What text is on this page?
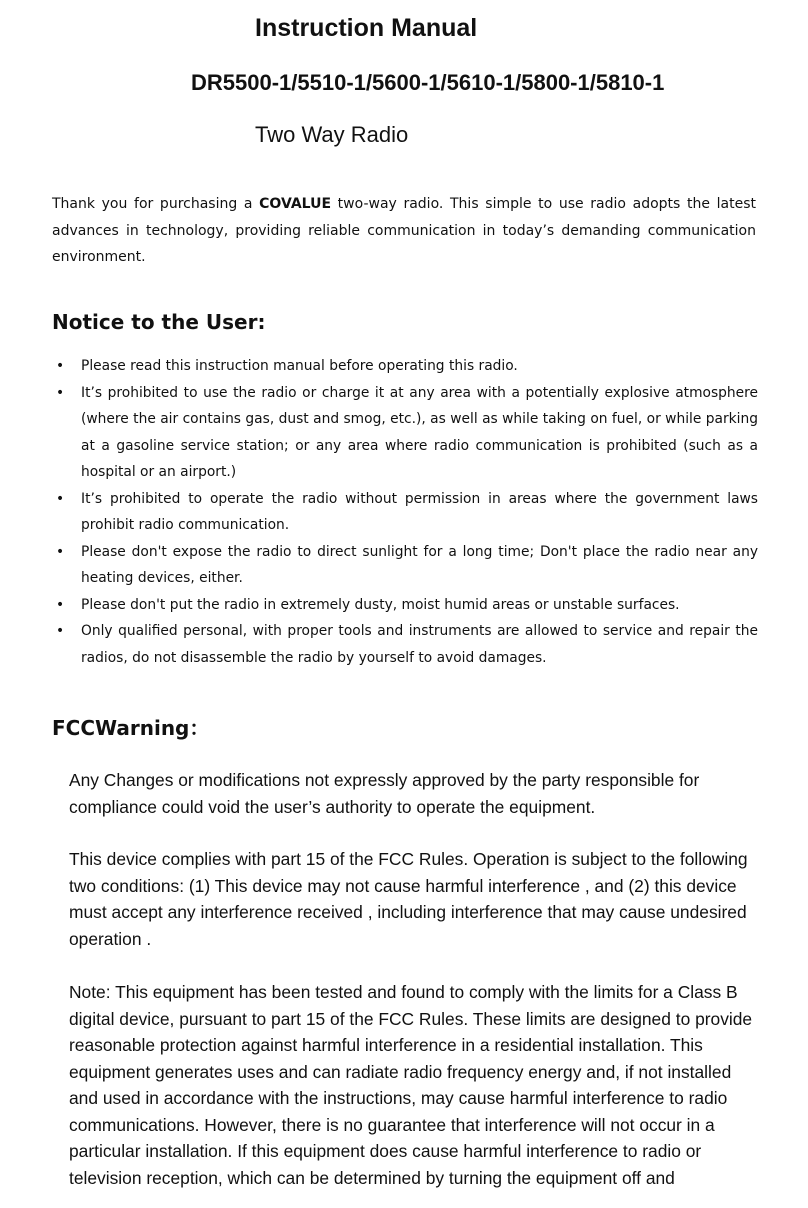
Instruction Manual
DR5500-1/5510-1/5600-1/5610-1/5800-1/5810-1
Two Way Radio

Thank you for purchasing a COVALUE two-way radio. This simple to use radio adopts the latest advances in technology, providing reliable communication in today’s demanding communication environment.

Notice to the User:
• Please read this instruction manual before operating this radio.
• It’s prohibited to use the radio or charge it at any area with a potentially explosive atmosphere (where the air contains gas, dust and smog, etc.), as well as while taking on fuel, or while parking at a gasoline service station; or any area where radio communication is prohibited (such as a hospital or an airport.)
• It’s prohibited to operate the radio without permission in areas where the government laws prohibit radio communication.
• Please don't expose the radio to direct sunlight for a long time; Don't place the radio near any heating devices, either.
• Please don't put the radio in extremely dusty, moist humid areas or unstable surfaces.
• Only qualified personal, with proper tools and instruments are allowed to service and repair the radios, do not disassemble the radio by yourself to avoid damages.
FCCWarning：

Any Changes or modifications not expressly approved by the party responsible for compliance could void the user’s authority to operate the equipment.

This device complies with part 15 of the FCC Rules. Operation is subject to the following two conditions: (1) This device may not cause harmful interference , and (2) this device must accept any interference received , including interference that may cause undesired operation .

Note: This equipment has been tested and found to comply with the limits for a Class B digital device, pursuant to part 15 of the FCC Rules. These limits are designed to provide reasonable protection against harmful interference in a residential installation. This equipment generates uses and can radiate radio frequency energy and, if not installed and used in accordance with the instructions, may cause harmful interference to radio communications. However, there is no guarantee that interference will not occur in a particular installation. If this equipment does cause harmful interference to radio or television reception, which can be determined by turning the equipment off and
